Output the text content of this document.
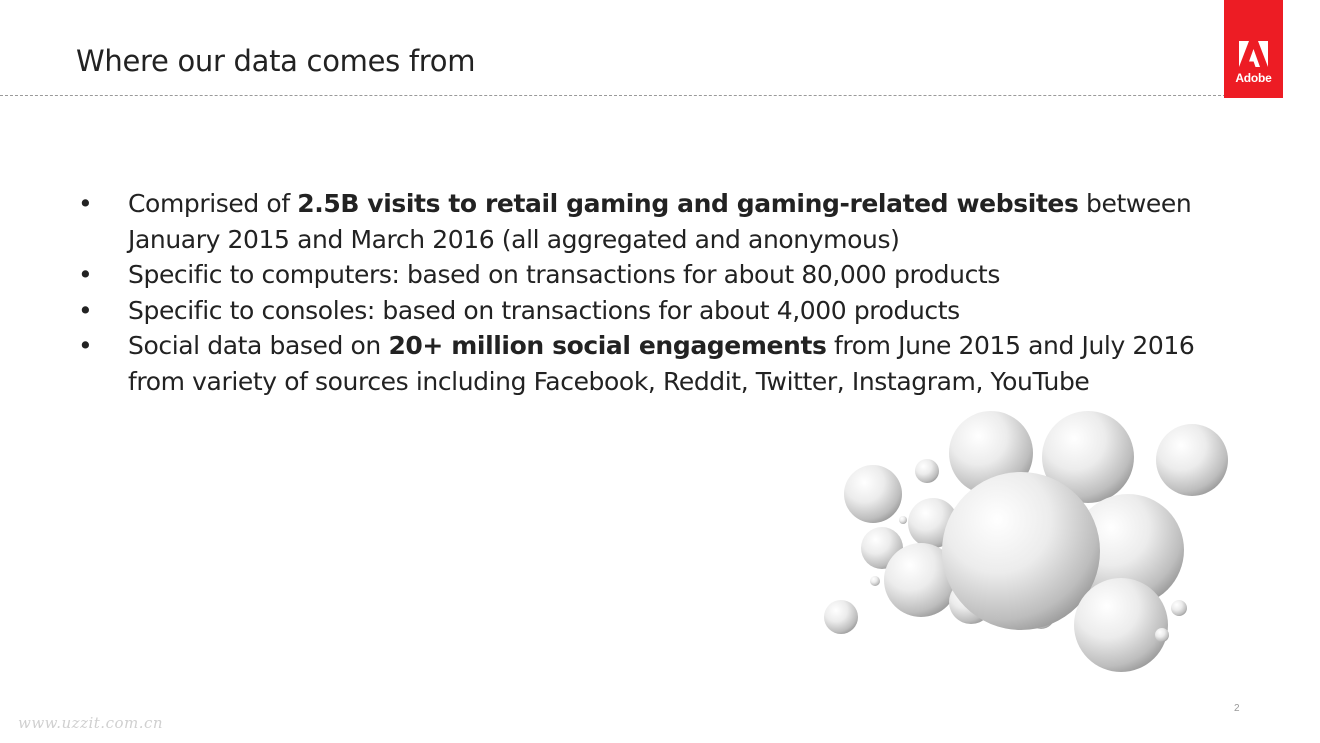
Where our data comes from	Adobe
• Comprised of 2.5B visits to retail gaming and gaming-related websites between January 2015 and March 2016 (all aggregated and anonymous)
• Specific to computers: based on transactions for about 80,000 products
• Specific to consoles: based on transactions for about 4,000 products
• Social data based on 20+ million social engagements from June 2015 and July 2016 from variety of sources including Facebook, Reddit, Twitter, Instagram, YouTube
2
www.uzzit.com.cn
